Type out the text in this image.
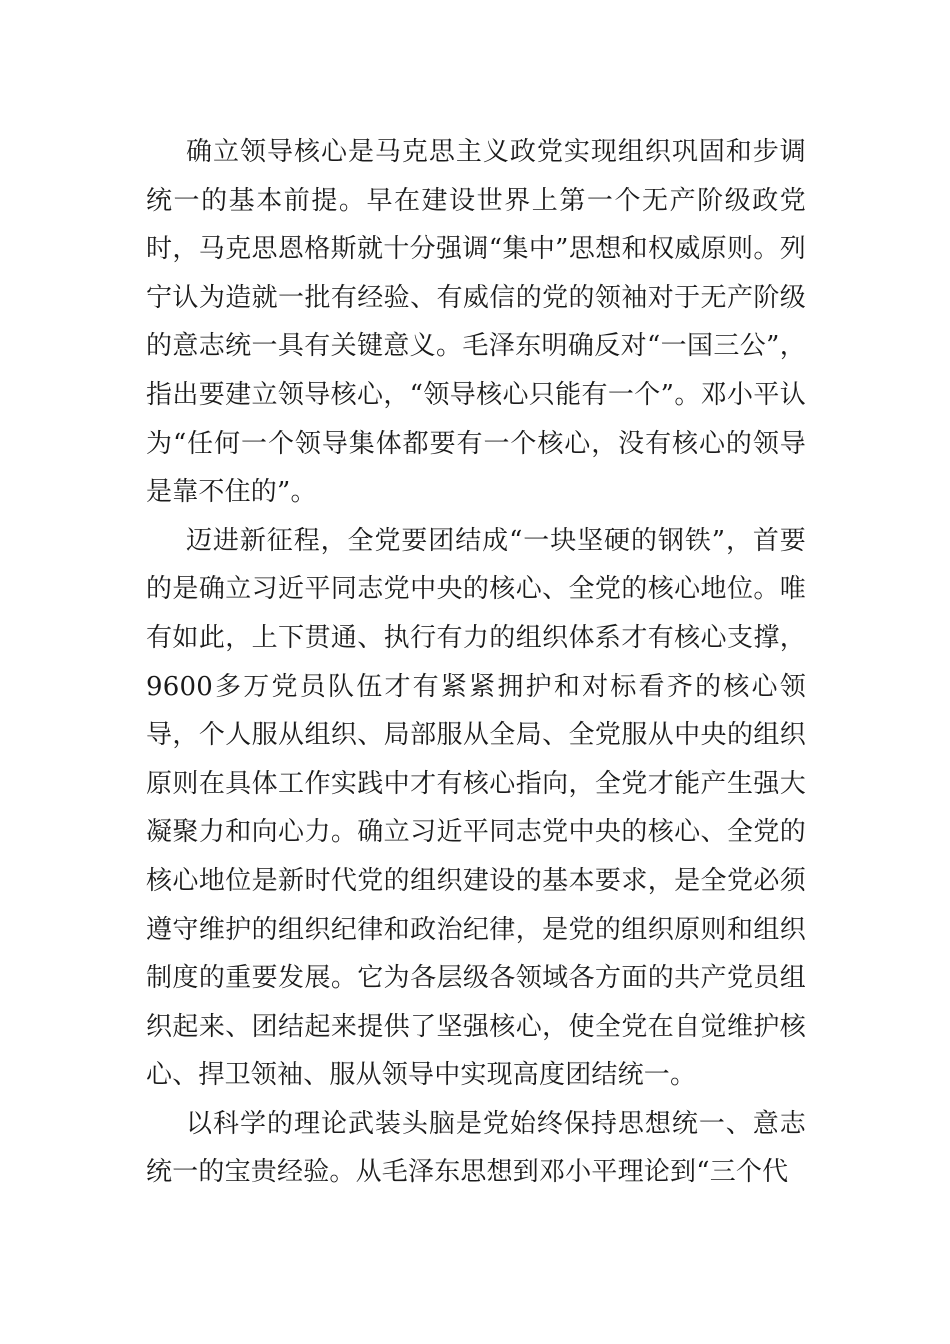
确立领导核心是马克思主义政党实现组织巩固和步调统一的基本前提。早在建设世界上第一个无产阶级政党时，马克思恩格斯就十分强调“集中”思想和权威原则。列宁认为造就一批有经验、有威信的党的领袖对于无产阶级的意志统一具有关键意义。毛泽东明确反对“一国三公”，指出要建立领导核心，“领导核心只能有一个”。邓小平认为“任何一个领导集体都要有一个核心，没有核心的领导是靠不住的”。

迈进新征程，全党要团结成“一块坚硬的钢铁”，首要的是确立习近平同志党中央的核心、全党的核心地位。唯有如此，上下贯通、执行有力的组织体系才有核心支撑，9600多万党员队伍才有紧紧拥护和对标看齐的核心领导，个人服从组织、局部服从全局、全党服从中央的组织原则在具体工作实践中才有核心指向，全党才能产生强大凝聚力和向心力。确立习近平同志党中央的核心、全党的核心地位是新时代党的组织建设的基本要求，是全党必须遵守维护的组织纪律和政治纪律，是党的组织原则和组织制度的重要发展。它为各层级各领域各方面的共产党员组织起来、团结起来提供了坚强核心，使全党在自觉维护核心、捍卫领袖、服从领导中实现高度团结统一。

以科学的理论武装头脑是党始终保持思想统一、意志统一的宝贵经验。从毛泽东思想到邓小平理论到“三个代
